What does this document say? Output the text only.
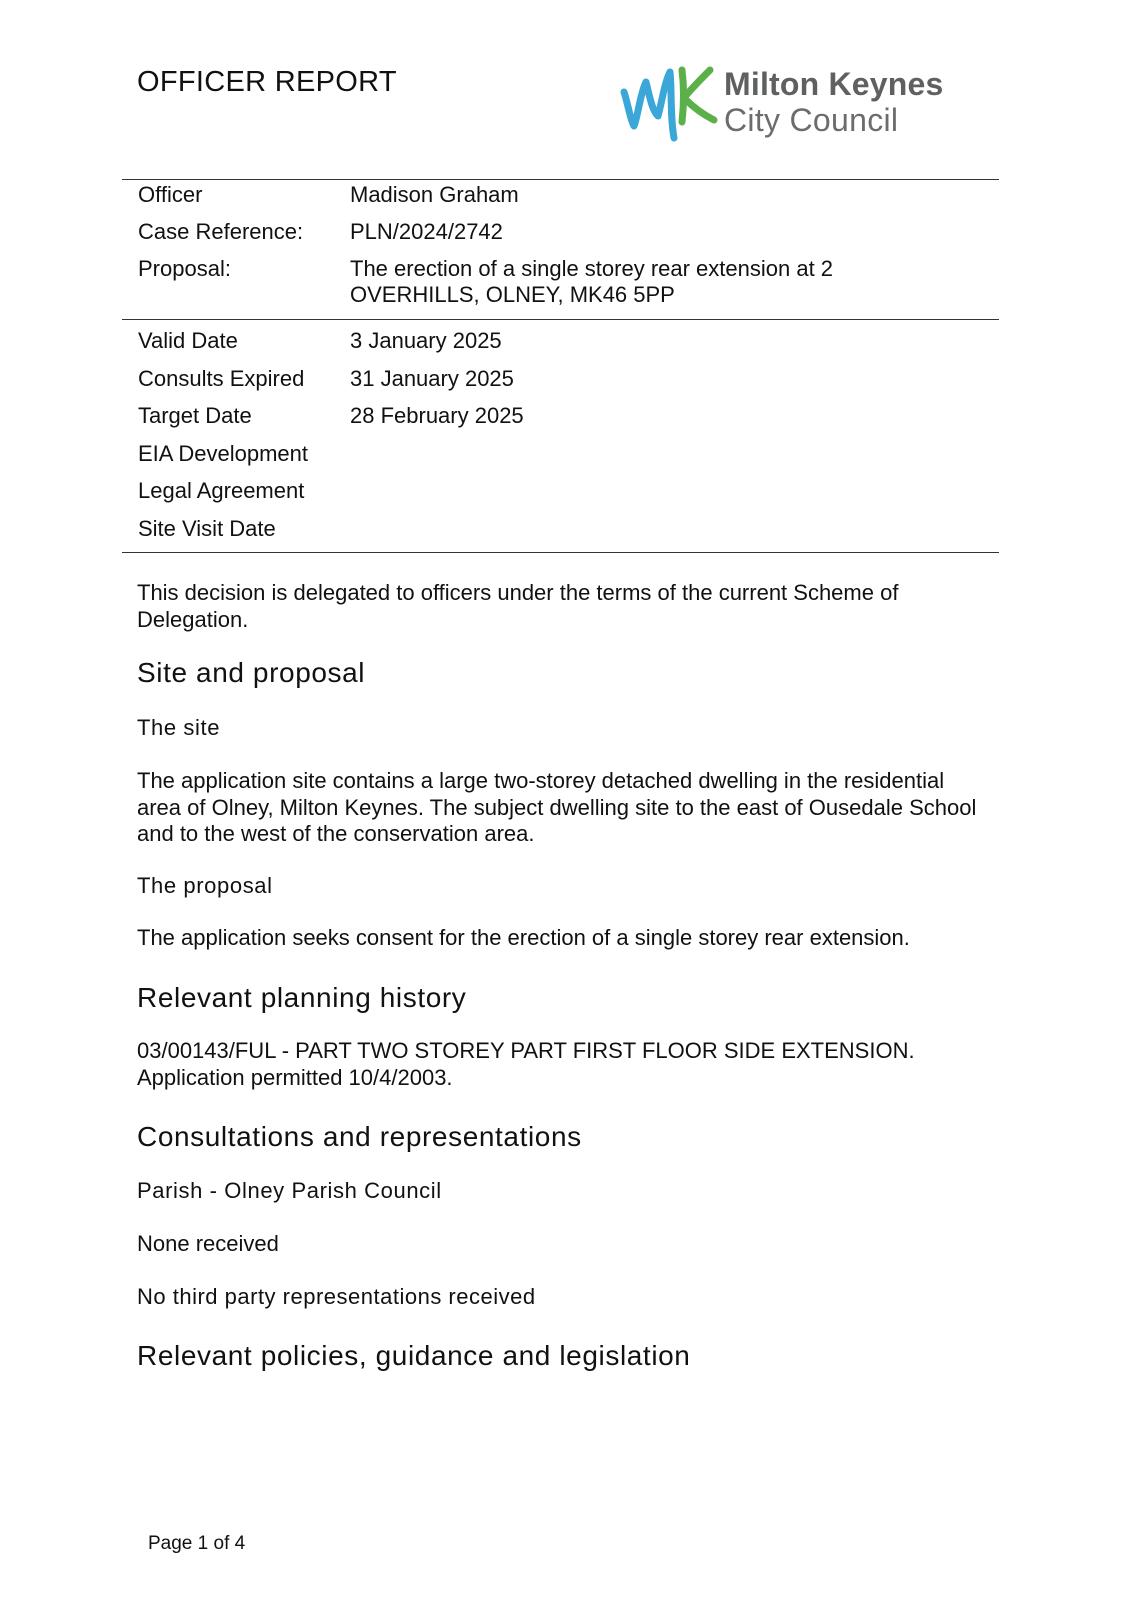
OFFICER REPORT	Milton Keynes
City Council
Officer	Madison Graham
Case Reference:	PLN/2024/2742
Proposal:	The erection of a single storey rear extension at 2 OVERHILLS, OLNEY, MK46 5PP
Valid Date	3 January 2025
Consults Expired	31 January 2025
Target Date	28 February 2025
EIA Development
Legal Agreement
Site Visit Date

This decision is delegated to officers under the terms of the current Scheme of Delegation.

Site and proposal
The site

The application site contains a large two-storey detached dwelling in the residential area of Olney, Milton Keynes. The subject dwelling site to the east of Ousedale School and to the west of the conservation area.

The proposal

The application seeks consent for the erection of a single storey rear extension.

Relevant planning history

03/00143/FUL - PART TWO STOREY PART FIRST FLOOR SIDE EXTENSION. Application permitted 10/4/2003.

Consultations and representations
Parish - Olney Parish Council

None received

No third party representations received

Relevant policies, guidance and legislation
Page 1 of 4
